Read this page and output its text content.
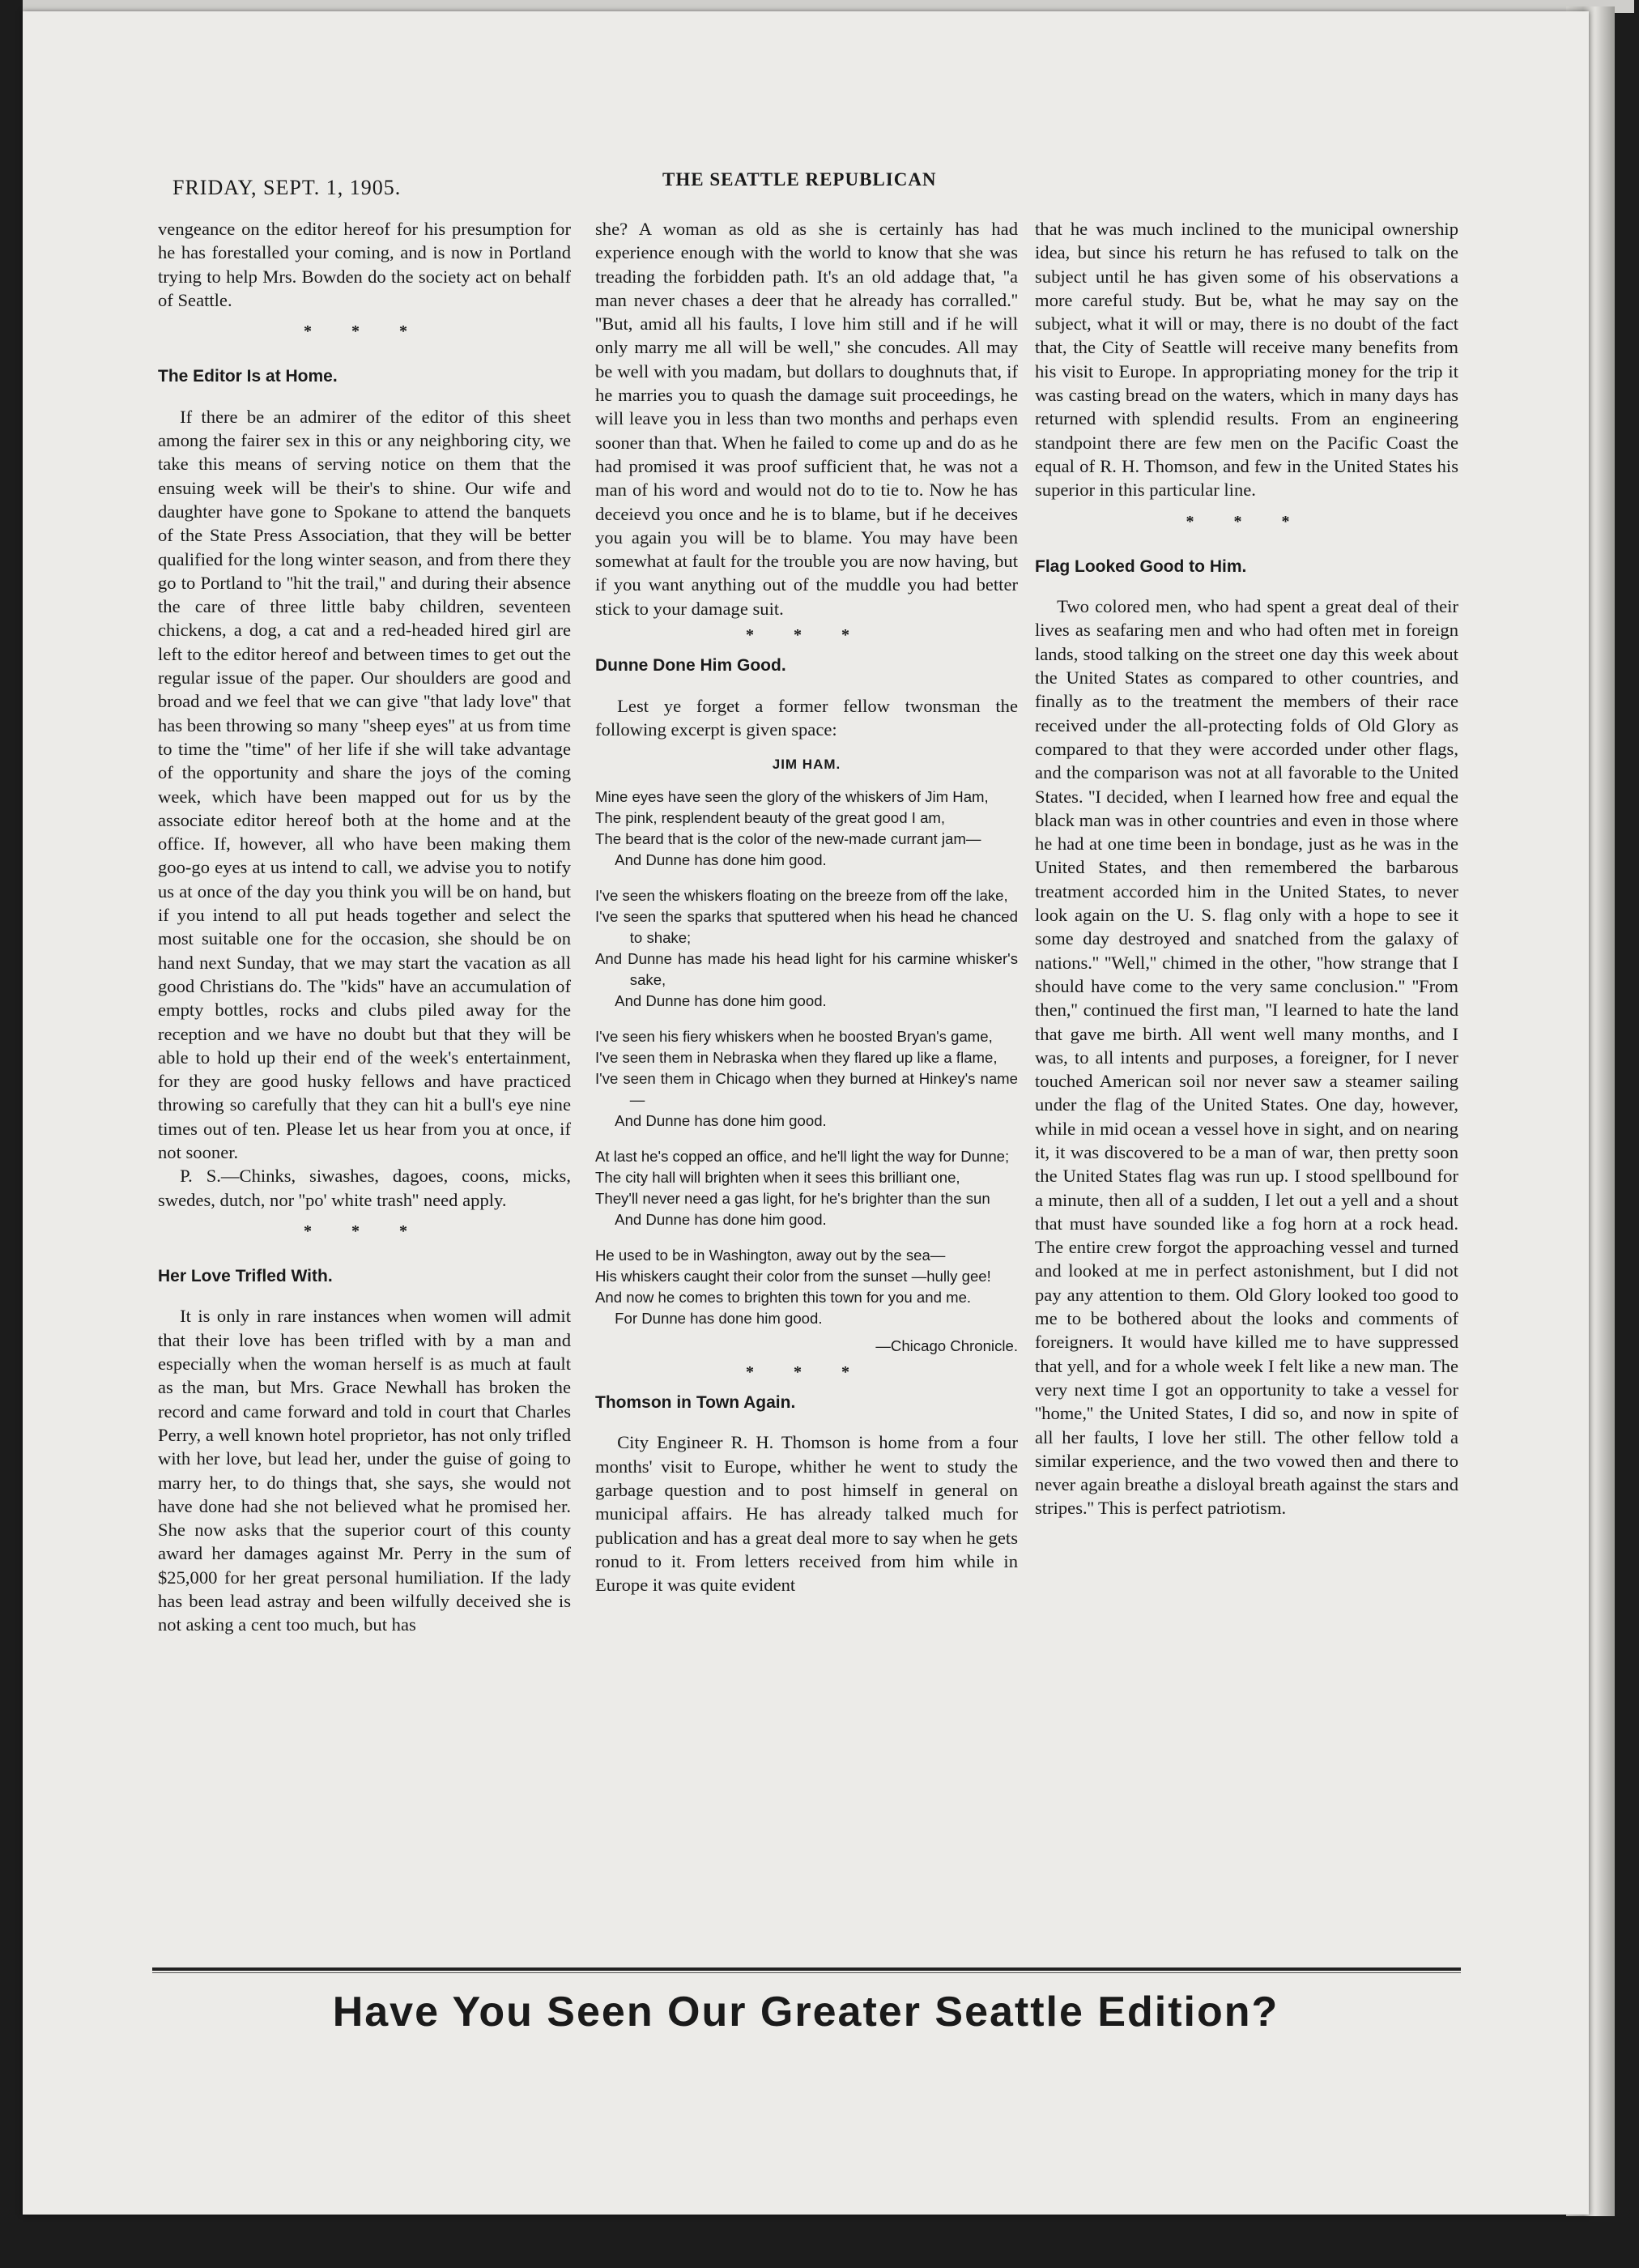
FRIDAY, SEPT. 1, 1905.	THE SEATTLE REPUBLICAN

vengeance on the editor hereof for his presumption for he has forestalled your coming, and is now in Portland trying to help Mrs. Bowden do the society act on behalf of Seattle.

* * *
The Editor Is at Home.

If there be an admirer of the editor of this sheet among the fairer sex in this or any neighboring city, we take this means of serving notice on them that the ensuing week will be their's to shine. Our wife and daughter have gone to Spokane to attend the banquets of the State Press Association, that they will be better qualified for the long winter season, and from there they go to Portland to ''hit the trail,'' and during their absence the care of three little baby children, seventeen chickens, a dog, a cat and a red-headed hired girl are left to the editor hereof and between times to get out the regular issue of the paper. Our shoulders are good and broad and we feel that we can give ''that lady love'' that has been throwing so many ''sheep eyes'' at us from time to time the ''time'' of her life if she will take advantage of the opportunity and share the joys of the coming week, which have been mapped out for us by the associate editor hereof both at the home and at the office. If, however, all who have been making them goo-go eyes at us intend to call, we advise you to notify us at once of the day you think you will be on hand, but if you intend to all put heads together and select the most suitable one for the occasion, she should be on hand next Sunday, that we may start the vacation as all good Christians do. The ''kids'' have an accumulation of empty bottles, rocks and clubs piled away for the reception and we have no doubt but that they will be able to hold up their end of the week's entertainment, for they are good husky fellows and have practiced throwing so carefully that they can hit a bull's eye nine times out of ten. Please let us hear from you at once, if not sooner.

P. S.—Chinks, siwashes, dagoes, coons, micks, swedes, dutch, nor ''po' white trash'' need apply.

* * *
Her Love Trifled With.

It is only in rare instances when women will admit that their love has been trifled with by a man and especially when the woman herself is as much at fault as the man, but Mrs. Grace Newhall has broken the record and came forward and told in court that Charles Perry, a well known hotel proprietor, has not only trifled with her love, but lead her, under the guise of going to marry her, to do things that, she says, she would not have done had she not believed what he promised her. She now asks that the superior court of this county award her damages against Mr. Perry in the sum of $25,000 for her great personal humiliation. If the lady has been lead astray and been wilfully deceived she is not asking a cent too much, but has

she? A woman as old as she is certainly has had experience enough with the world to know that she was treading the forbidden path. It's an old addage that, ''a man never chases a deer that he already has corralled.'' ''But, amid all his faults, I love him still and if he will only marry me all will be well,'' she concudes. All may be well with you madam, but dollars to doughnuts that, if he marries you to quash the damage suit proceedings, he will leave you in less than two months and perhaps even sooner than that. When he failed to come up and do as he had promised it was proof sufficient that, he was not a man of his word and would not do to tie to. Now he has deceievd you once and he is to blame, but if he deceives you again you will be to blame. You may have been somewhat at fault for the trouble you are now having, but if you want anything out of the muddle you had better stick to your damage suit.

* * *
Dunne Done Him Good.

Lest ye forget a former fellow twonsman the following excerpt is given space:

JIM HAM.
Mine eyes have seen the glory of the whiskers of Jim Ham,
The pink, resplendent beauty of the great good I am,
The beard that is the color of the new-made currant jam—
And Dunne has done him good.
I've seen the whiskers floating on the breeze from off the lake,
I've seen the sparks that sputtered when his head he chanced to shake;
And Dunne has made his head light for his carmine whisker's sake,
And Dunne has done him good.
I've seen his fiery whiskers when he boosted Bryan's game,
I've seen them in Nebraska when they flared up like a flame,
I've seen them in Chicago when they burned at Hinkey's name—
And Dunne has done him good.
At last he's copped an office, and he'll light the way for Dunne;
The city hall will brighten when it sees this brilliant one,
They'll never need a gas light, for he's brighter than the sun
And Dunne has done him good.
He used to be in Washington, away out by the sea—
His whiskers caught their color from the sunset —hully gee!
And now he comes to brighten this town for you and me.
For Dunne has done him good.
—Chicago Chronicle.
* * *
Thomson in Town Again.

City Engineer R. H. Thomson is home from a four months' visit to Europe, whither he went to study the garbage question and to post himself in general on municipal affairs. He has already talked much for publication and has a great deal more to say when he gets ronud to it. From letters received from him while in Europe it was quite evident

that he was much inclined to the municipal ownership idea, but since his return he has refused to talk on the subject until he has given some of his observations a more careful study. But be, what he may say on the subject, what it will or may, there is no doubt of the fact that, the City of Seattle will receive many benefits from his visit to Europe. In appropriating money for the trip it was casting bread on the waters, which in many days has returned with splendid results. From an engineering standpoint there are few men on the Pacific Coast the equal of R. H. Thomson, and few in the United States his superior in this particular line.

* * *
Flag Looked Good to Him.

Two colored men, who had spent a great deal of their lives as seafaring men and who had often met in foreign lands, stood talking on the street one day this week about the United States as compared to other countries, and finally as to the treatment the members of their race received under the all-protecting folds of Old Glory as compared to that they were accorded under other flags, and the comparison was not at all favorable to the United States. ''I decided, when I learned how free and equal the black man was in other countries and even in those where he had at one time been in bondage, just as he was in the United States, and then remembered the barbarous treatment accorded him in the United States, to never look again on the U. S. flag only with a hope to see it some day destroyed and snatched from the galaxy of nations.'' ''Well,'' chimed in the other, ''how strange that I should have come to the very same conclusion.'' ''From then,'' continued the first man, ''I learned to hate the land that gave me birth. All went well many months, and I was, to all intents and purposes, a foreigner, for I never touched American soil nor never saw a steamer sailing under the flag of the United States. One day, however, while in mid ocean a vessel hove in sight, and on nearing it, it was discovered to be a man of war, then pretty soon the United States flag was run up. I stood spellbound for a minute, then all of a sudden, I let out a yell and a shout that must have sounded like a fog horn at a rock head. The entire crew forgot the approaching vessel and turned and looked at me in perfect astonishment, but I did not pay any attention to them. Old Glory looked too good to me to be bothered about the looks and comments of foreigners. It would have killed me to have suppressed that yell, and for a whole week I felt like a new man. The very next time I got an opportunity to take a vessel for ''home,'' the United States, I did so, and now in spite of all her faults, I love her still. The other fellow told a similar experience, and the two vowed then and there to never again breathe a disloyal breath against the stars and stripes.'' This is perfect patriotism.

Have You Seen Our Greater Seattle Edition?
